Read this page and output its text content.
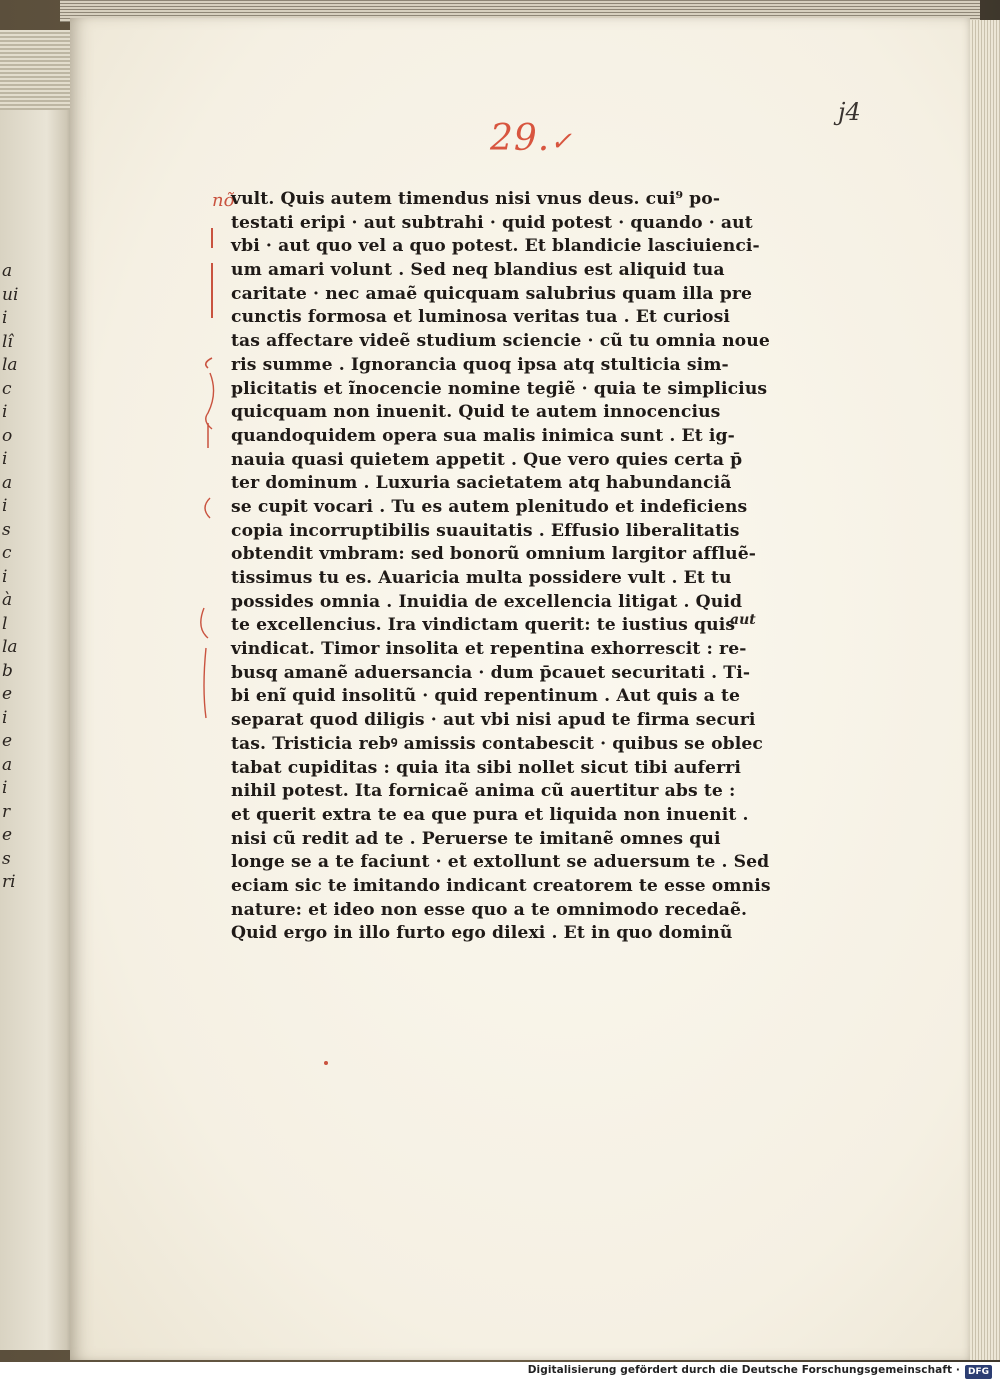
a
ui
i
lî
la
c
i
o
i
a
i
s
c
i
à
l
la
b
e
i
e
a
i
r
e
s
ri
j4
29.✓
nõ
vult. Quis autem timendus nisi vnus deus. cui⁹ po-
testati eripi · aut subtrahi · quid potest · quando · aut
vbi · aut quo vel a quo potest. Et blandicie lasciuienci-
um amari volunt . Sed neq blandius est aliquid tua
caritate · nec amaẽ quicquam salubrius quam illa pre
cunctis formosa et luminosa veritas tua . Et curiosi
tas affectare videẽ studium sciencie · cũ tu omnia noue
ris summe . Ignorancia quoq ipsa atq stulticia sim-
plicitatis et ĩnocencie nomine tegiẽ · quia te simplicius
quicquam non inuenit. Quid te autem innocencius
quandoquidem opera sua malis inimica sunt . Et ig-
nauia quasi quietem appetit . Que vero quies certa p̄
ter dominum . Luxuria sacietatem atq habundanciã
se cupit vocari . Tu es autem plenitudo et indeficiens
copia incorruptibilis suauitatis . Effusio liberalitatis
obtendit vmbram: sed bonorũ omnium largitor affluẽ-
tissimus tu es. Auaricia multa possidere vult . Et tu
possides omnia . Inuidia de excellencia litigat . Quid
te excellencius. Ira vindictam querit: te iustius quis
vindicat. Timor insolita et repentina exhorrescit : re-
busq amanẽ aduersancia · dum p̄cauet securitati . Ti-
bi enĩ quid insolitũ · quid repentinum . Aut quis a te
separat quod diligis · aut vbi nisi apud te firma securi
tas. Tristicia rebꝰ amissis contabescit · quibus se oblec
tabat cupiditas : quia ita sibi nollet sicut tibi auferri
nihil potest. Ita fornicaẽ anima cũ auertitur abs te :
et querit extra te ea que pura et liquida non inuenit .
nisi cũ redit ad te . Peruerse te imitanẽ omnes qui
longe se a te faciunt · et extollunt se aduersum te . Sed
eciam sic te imitando indicant creatorem te esse omnis
nature: et ideo non esse quo a te omnimodo recedaẽ.
Quid ergo in illo furto ego dilexi . Et in quo dominũ
aut
Digitalisierung gefördert durch die Deutsche Forschungsgemeinschaft · DFG
